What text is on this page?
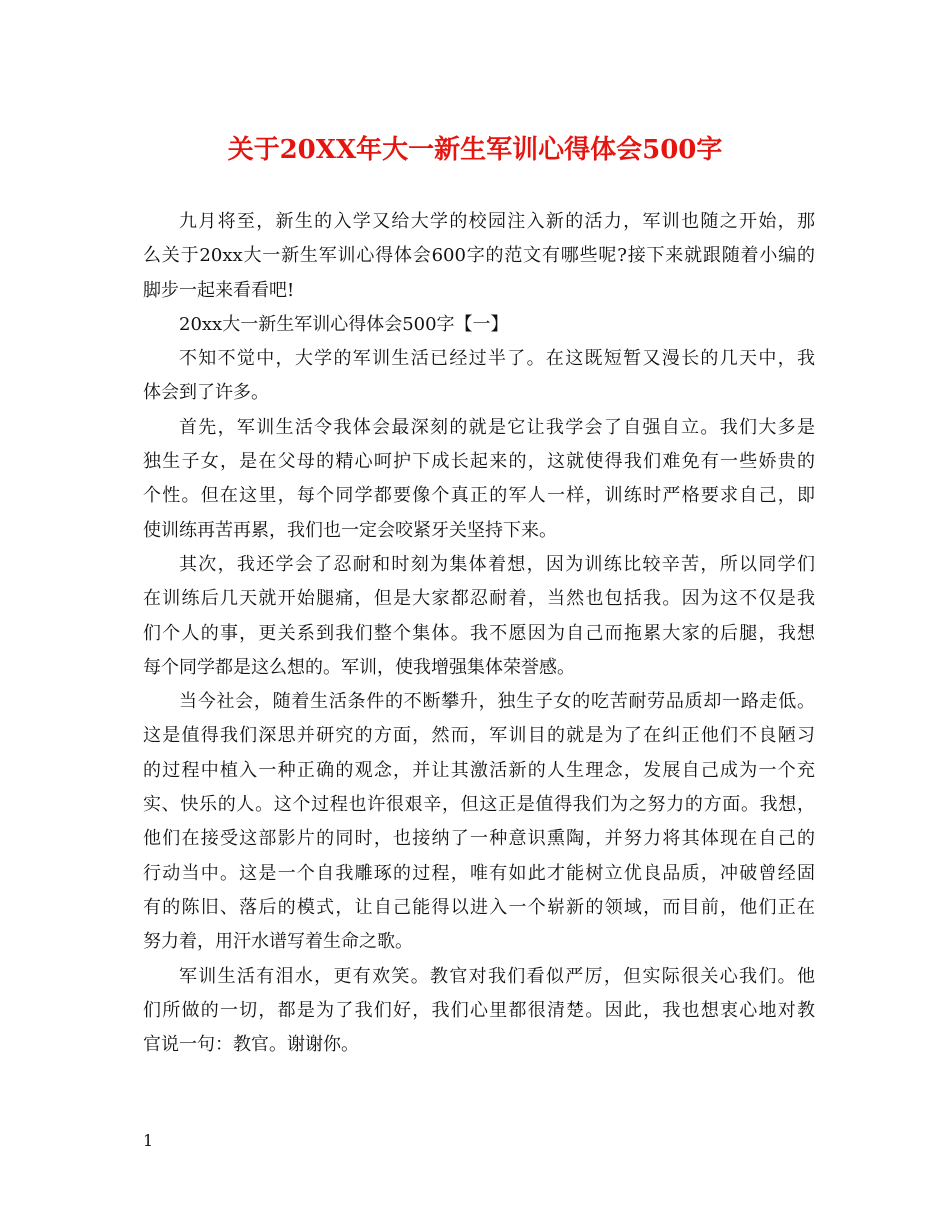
关于20XX年大一新生军训心得体会500字
九月将至，新生的入学又给大学的校园注入新的活力，军训也随之开始，那
么关于20xx大一新生军训心得体会600字的范文有哪些呢?接下来就跟随着小编的
脚步一起来看看吧!
20xx大一新生军训心得体会500字【一】
不知不觉中，大学的军训生活已经过半了。在这既短暂又漫长的几天中，我
体会到了许多。
首先，军训生活令我体会最深刻的就是它让我学会了自强自立。我们大多是
独生子女，是在父母的精心呵护下成长起来的，这就使得我们难免有一些娇贵的
个性。但在这里，每个同学都要像个真正的军人一样，训练时严格要求自己，即
使训练再苦再累，我们也一定会咬紧牙关坚持下来。
其次，我还学会了忍耐和时刻为集体着想，因为训练比较辛苦，所以同学们
在训练后几天就开始腿痛，但是大家都忍耐着，当然也包括我。因为这不仅是我
们个人的事，更关系到我们整个集体。我不愿因为自己而拖累大家的后腿，我想
每个同学都是这么想的。军训，使我增强集体荣誉感。
当今社会，随着生活条件的不断攀升，独生子女的吃苦耐劳品质却一路走低。
这是值得我们深思并研究的方面，然而，军训目的就是为了在纠正他们不良陋习
的过程中植入一种正确的观念，并让其激活新的人生理念，发展自己成为一个充
实、快乐的人。这个过程也许很艰辛，但这正是值得我们为之努力的方面。我想，
他们在接受这部影片的同时，也接纳了一种意识熏陶，并努力将其体现在自己的
行动当中。这是一个自我雕琢的过程，唯有如此才能树立优良品质，冲破曾经固
有的陈旧、落后的模式，让自己能得以进入一个崭新的领域，而目前，他们正在
努力着，用汗水谱写着生命之歌。
军训生活有泪水，更有欢笑。教官对我们看似严厉，但实际很关心我们。他
们所做的一切，都是为了我们好，我们心里都很清楚。因此，我也想衷心地对教
官说一句：教官。谢谢你。
1
